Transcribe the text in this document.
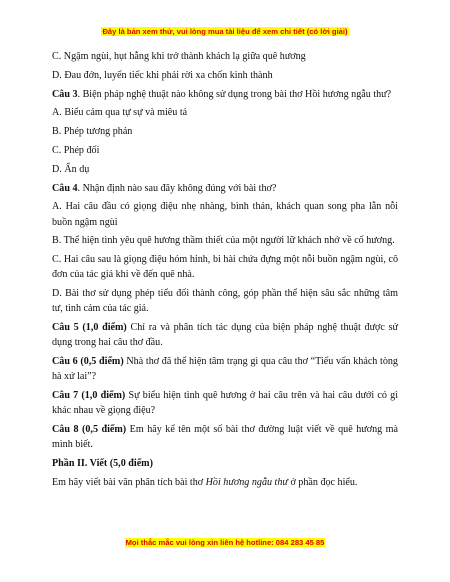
Đây là bản xem thử, vui lòng mua tài liệu để xem chi tiết (có lời giải)

C. Ngậm ngùi, hụt hẫng khi trở thành khách lạ giữa quê hương

D. Đau đớn, luyến tiếc khi phải rời xa chốn kinh thành

Câu 3. Biện pháp nghệ thuật nào không sử dụng trong bài thơ Hồi hương ngẫu thư?

A. Biểu cảm qua tự sự và miêu tả

B. Phép tương phản

C. Phép đối

D. Ẩn dụ

Câu 4. Nhận định nào sau đây không đúng với bài thơ?

A. Hai câu đầu có giọng điệu nhẹ nhàng, bình thản, khách quan song pha lẫn nỗi buồn ngậm ngùi

B. Thể hiện tình yêu quê hương thầm thiết của một người lữ khách nhớ về cố hương.

C. Hai câu sau là giọng điệu hóm hỉnh, bi hài chứa đựng một nỗi buồn ngậm ngùi, cô đơn của tác giả khi về đến quê nhà.

D. Bài thơ sử dụng phép tiểu đối thành công, góp phần thể hiện sâu sắc những tâm tư, tình cảm của tác giả.

Câu 5 (1,0 điểm) Chỉ ra và phân tích tác dụng của biện pháp nghệ thuật được sử dụng trong hai câu thơ đầu.

Câu 6 (0,5 điểm) Nhà thơ đã thể hiện tâm trạng gì qua câu thơ “Tiếu vấn khách tòng hà xứ lai”?

Câu 7 (1,0 điểm) Sự biểu hiện tình quê hương ở hai câu trên và hai câu dưới có gì khác nhau về giọng điệu?

Câu 8 (0,5 điểm) Em hãy kể tên một số bài thơ đường luật viết về quê hương mà mình biết.

Phần II. Viết (5,0 điểm)

Em hãy viết bài văn phân tích bài thơ Hồi hương ngẫu thư ở phần đọc hiểu.

Mọi thắc mắc vui lòng xin liên hệ hotline: 084 283 45 85
